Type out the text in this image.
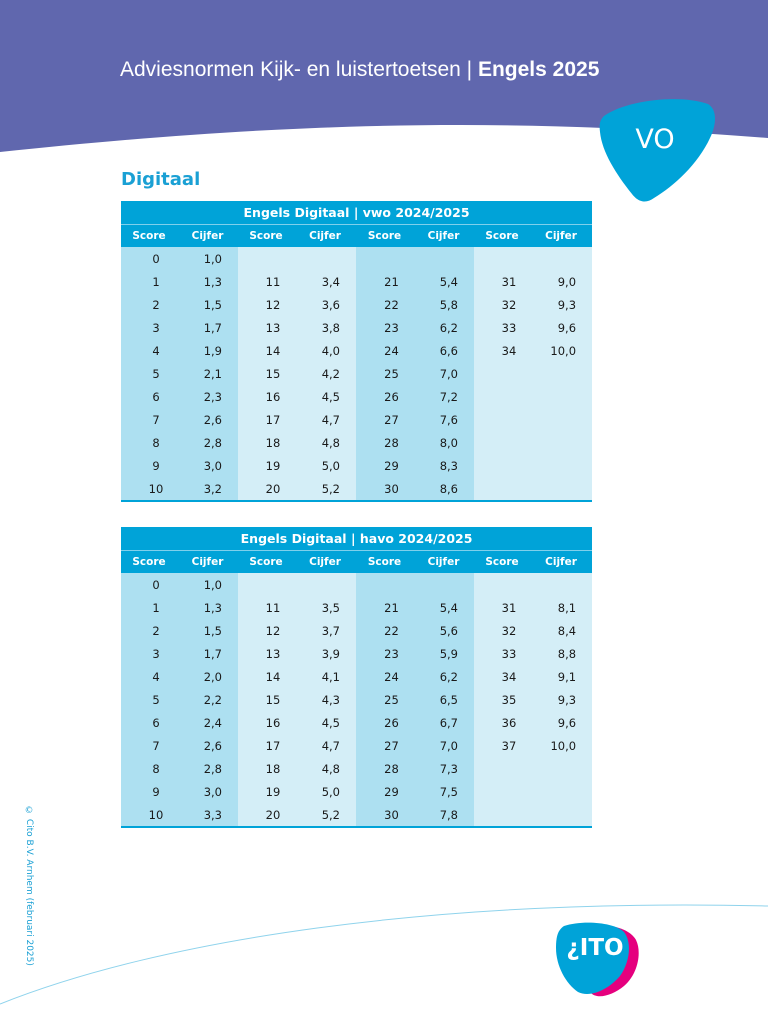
Adviesnormen Kijk- en luistertoetsen | Engels 2025
VO
Digitaal
Engels Digitaal | vwo 2024/2025							
Score	Cijfer	Score	Cijfer	Score	Cijfer	Score	Cijfer
0	1,0						
1	1,3	11	3,4	21	5,4	31	9,0
2	1,5	12	3,6	22	5,8	32	9,3
3	1,7	13	3,8	23	6,2	33	9,6
4	1,9	14	4,0	24	6,6	34	10,0
5	2,1	15	4,2	25	7,0		
6	2,3	16	4,5	26	7,2		
7	2,6	17	4,7	27	7,6		
8	2,8	18	4,8	28	8,0		
9	3,0	19	5,0	29	8,3		
10	3,2	20	5,2	30	8,6		
Engels Digitaal | havo 2024/2025							
Score	Cijfer	Score	Cijfer	Score	Cijfer	Score	Cijfer
0	1,0						
1	1,3	11	3,5	21	5,4	31	8,1
2	1,5	12	3,7	22	5,6	32	8,4
3	1,7	13	3,9	23	5,9	33	8,8
4	2,0	14	4,1	24	6,2	34	9,1
5	2,2	15	4,3	25	6,5	35	9,3
6	2,4	16	4,5	26	6,7	36	9,6
7	2,6	17	4,7	27	7,0	37	10,0
8	2,8	18	4,8	28	7,3		
9	3,0	19	5,0	29	7,5		
10	3,3	20	5,2	30	7,8		
© Cito B.V. Arnhem (februari 2025)	¿ITO
